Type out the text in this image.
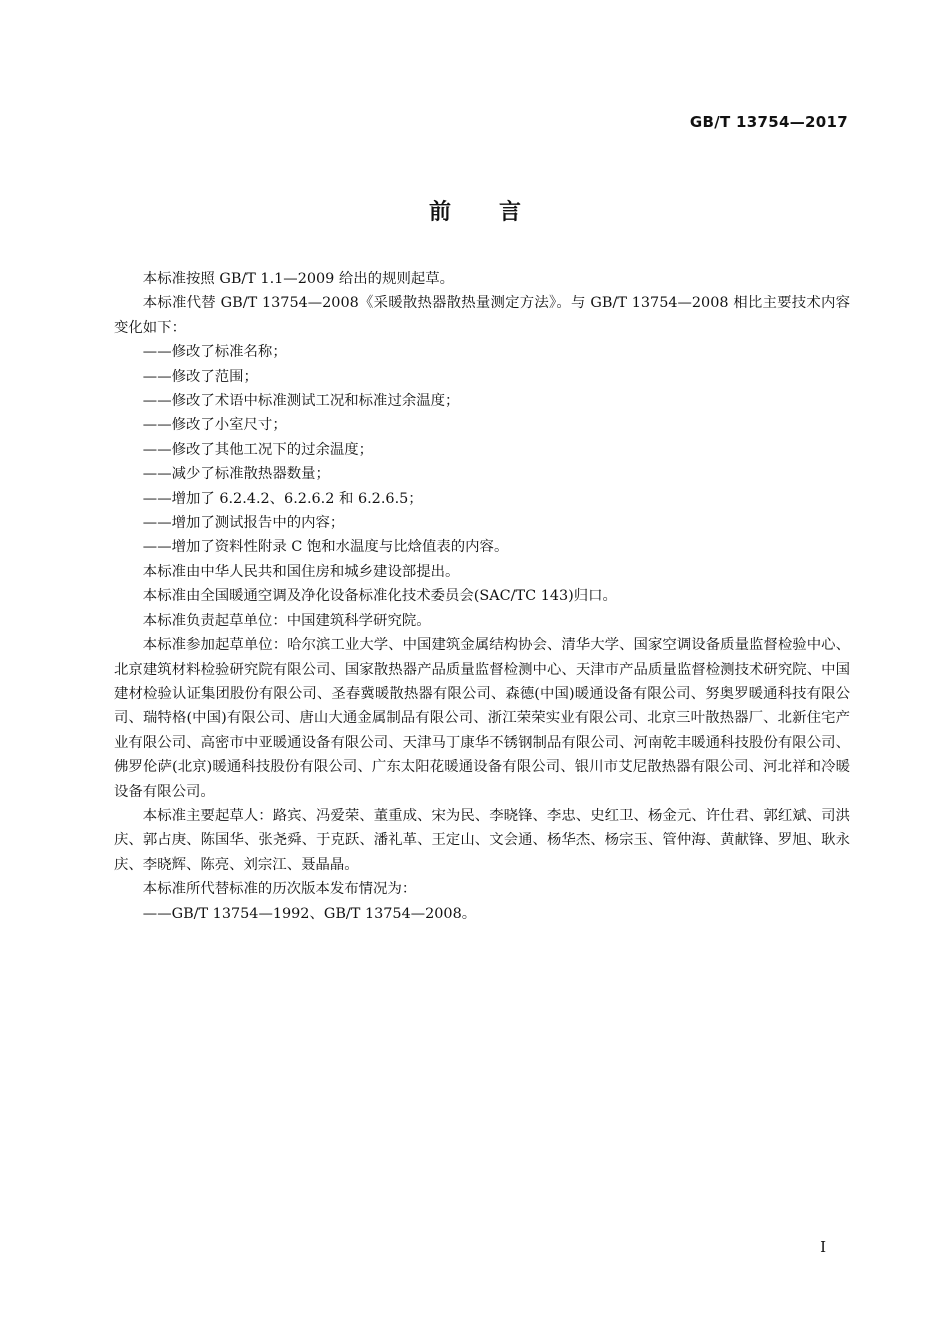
GB/T 13754—2017
前言

本标准按照 GB/T 1.1—2009 给出的规则起草。

本标准代替 GB/T 13754—2008《采暖散热器散热量测定方法》。与 GB/T 13754—2008 相比主要技术内容变化如下：

——修改了标准名称；

——修改了范围；

——修改了术语中标准测试工况和标准过余温度；

——修改了小室尺寸；

——修改了其他工况下的过余温度；

——减少了标准散热器数量；

——增加了 6.2.4.2、6.2.6.2 和 6.2.6.5；

——增加了测试报告中的内容；

——增加了资料性附录 C 饱和水温度与比焓值表的内容。

本标准由中华人民共和国住房和城乡建设部提出。

本标准由全国暖通空调及净化设备标准化技术委员会(SAC/TC 143)归口。

本标准负责起草单位：中国建筑科学研究院。

本标准参加起草单位：哈尔滨工业大学、中国建筑金属结构协会、清华大学、国家空调设备质量监督检验中心、北京建筑材料检验研究院有限公司、国家散热器产品质量监督检测中心、天津市产品质量监督检测技术研究院、中国建材检验认证集团股份有限公司、圣春冀暖散热器有限公司、森德(中国)暖通设备有限公司、努奥罗暖通科技有限公司、瑞特格(中国)有限公司、唐山大通金属制品有限公司、浙江荣荣实业有限公司、北京三叶散热器厂、北新住宅产业有限公司、高密市中亚暖通设备有限公司、天津马丁康华不锈钢制品有限公司、河南乾丰暖通科技股份有限公司、佛罗伦萨(北京)暖通科技股份有限公司、广东太阳花暖通设备有限公司、银川市艾尼散热器有限公司、河北祥和冷暖设备有限公司。

本标准主要起草人：路宾、冯爱荣、董重成、宋为民、李晓锋、李忠、史红卫、杨金元、许仕君、郭红斌、司洪庆、郭占庚、陈国华、张尧舜、于克跃、潘礼革、王定山、文会通、杨华杰、杨宗玉、管仲海、黄献锋、罗旭、耿永庆、李晓辉、陈亮、刘宗江、聂晶晶。

本标准所代替标准的历次版本发布情况为：

——GB/T 13754—1992、GB/T 13754—2008。

I
